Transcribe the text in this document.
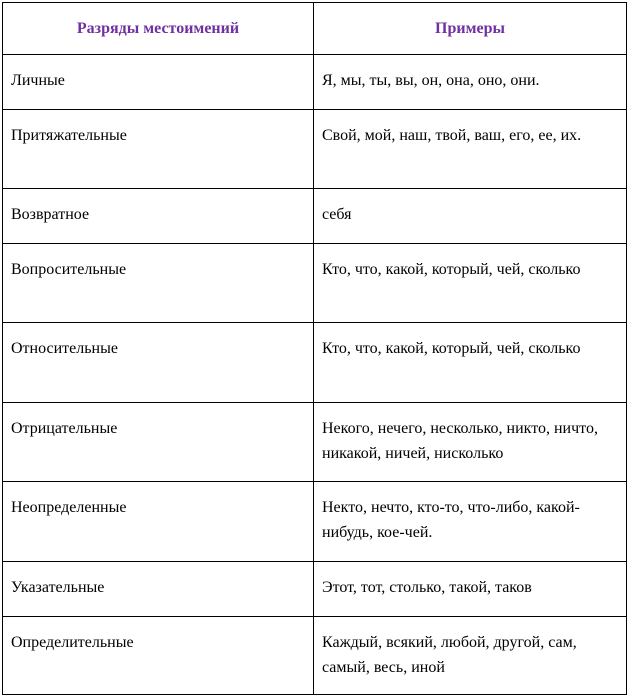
Разряды местоимений	Примеры
Личные	Я, мы, ты, вы, он, она, оно, они.
Притяжательные	Свой, мой, наш, твой, ваш, его, ее, их.
Возвратное	себя
Вопросительные	Кто, что, какой, который, чей, сколько
Относительные	Кто, что, какой, который, чей, сколько
Отрицательные	Некого, нечего, несколько, никто, ничто, никакой, ничей, нисколько
Неопределенные	Некто, нечто, кто-то, что-либо, какой-нибудь, кое-чей.
Указательные	Этот, тот, столько, такой, таков
Определительные	Каждый, всякий, любой, другой, сам, самый, весь, иной
